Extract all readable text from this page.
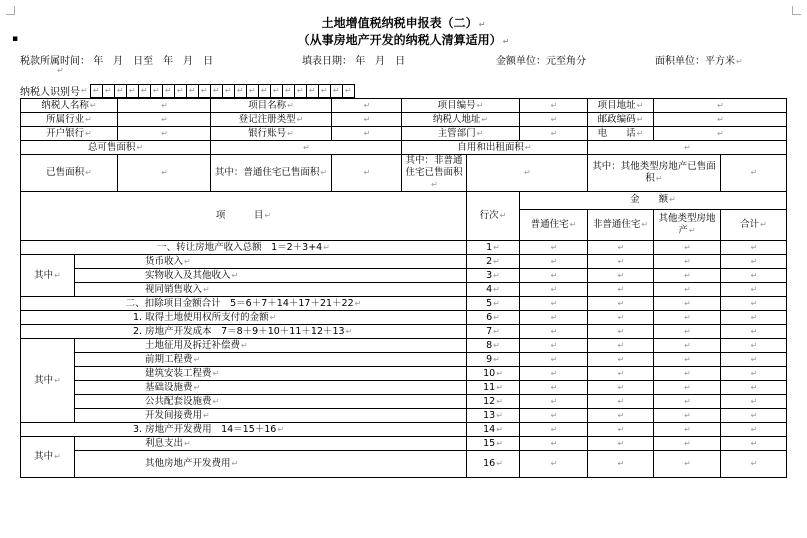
土地增值税纳税申报表（二）↵
▪	（从事房地产开发的纳税人清算适用）↵
税款所属时间： 年　月　日至　年　月　日	填表日期： 年　月　日	金额单位：元至角分	面积单位：平方米↵
↵
纳税人识别号 ↵ ↵ ↵ ↵ ↵ ↵ ↵ ↵ ↵ ↵ ↵ ↵ ↵ ↵ ↵ ↵ ↵ ↵ ↵ ↵ ↵ ↵ ↵
纳税人名称↵		↵	项目名称↵	↵	项目编号↵		↵	项目地址↵	↵	
所属行业↵		↵	登记注册类型↵	↵	纳税人地址↵		↵	邮政编码↵	↵	
开户银行↵		↵	银行账号↵	↵	主管部门↵		↵	电　　话↵	↵	
总可售面积↵			↵		自用和出租面积↵			↵		
已售面积↵		↵	其中：普通住宅已售面积↵	↵	其中：非普通住宅已售面积↵	↵		其中：其他类型房地产已售面积↵		↵
项　　　目↵						行次↵	金　　额↵			
							普通住宅↵	非普通住宅↵	其他类型房地产↵	合计↵
一、转让房地产收入总额　1＝2＋3+4↵						1↵	↵	↵	↵	↵
其中↵	货币收入↵					2↵	↵	↵	↵	↵
	实物收入及其他收入↵					3↵	↵	↵	↵	↵
	视同销售收入↵					4↵	↵	↵	↵	↵
二、扣除项目金额合计　5＝6＋7＋14＋17＋21＋22↵						5↵	↵	↵	↵	↵
1. 取得土地使用权所支付的金额↵						6↵	↵	↵	↵	↵
2. 房地产开发成本　7＝8＋9＋10＋11＋12＋13↵						7↵	↵	↵	↵	↵
其中↵	土地征用及拆迁补偿费↵					8↵	↵	↵	↵	↵
	前期工程费↵					9↵	↵	↵	↵	↵
	建筑安装工程费↵					10↵	↵	↵	↵	↵
	基础设施费↵					11↵	↵	↵	↵	↵
	公共配套设施费↵					12↵	↵	↵	↵	↵
	开发间接费用↵					13↵	↵	↵	↵	↵
3. 房地产开发费用　14＝15＋16↵						14↵	↵	↵	↵	↵
其中↵	利息支出↵					15↵	↵	↵	↵	↵
	其他房地产开发费用↵					16↵	↵	↵	↵	↵
